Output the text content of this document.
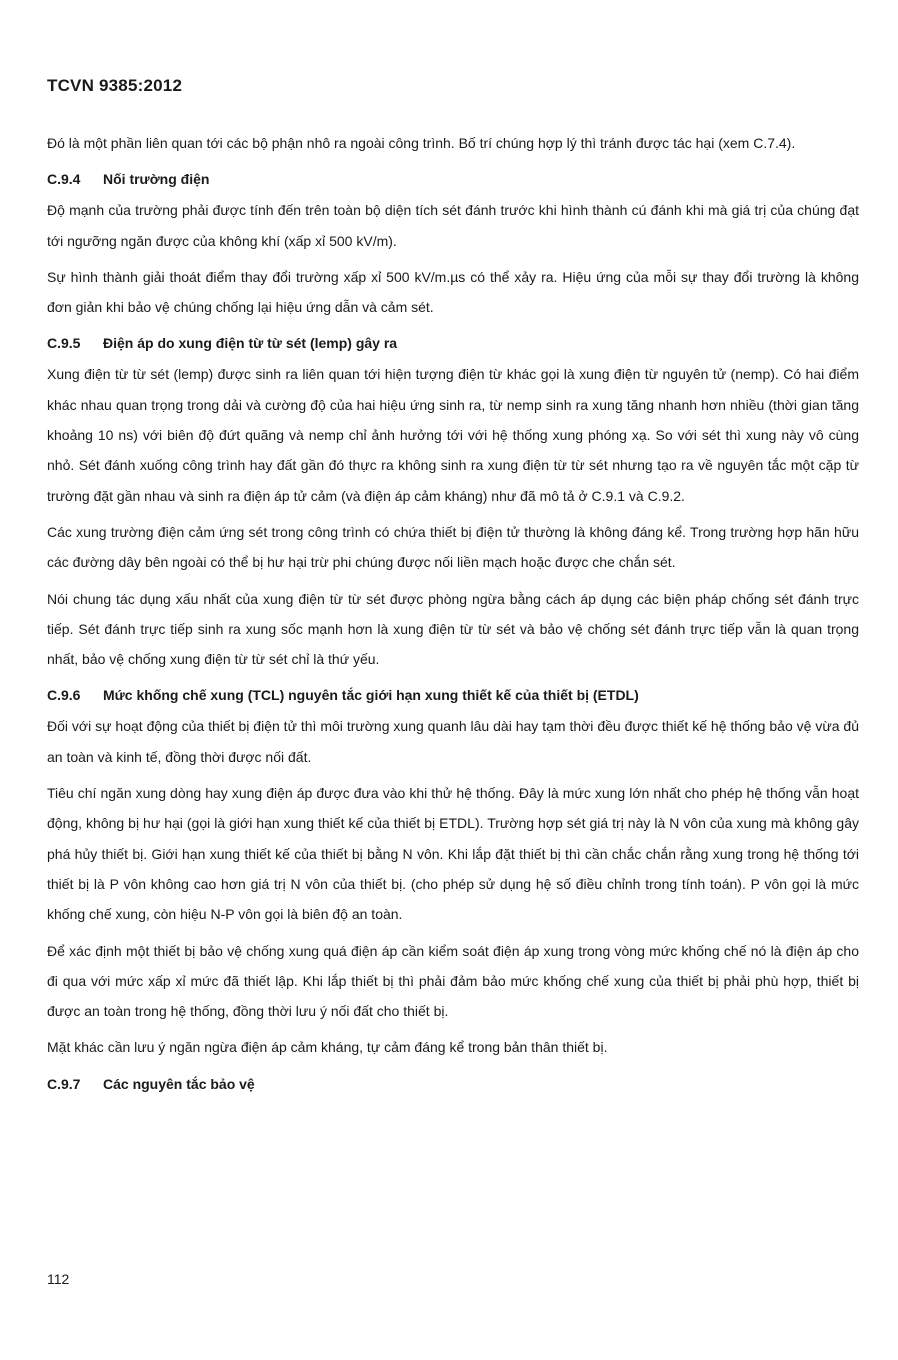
TCVN 9385:2012

Đó là một phần liên quan tới các bộ phận nhô ra ngoài công trình. Bố trí chúng hợp lý thì tránh được tác hại (xem C.7.4).

C.9.4 Nối trường điện

Độ mạnh của trường phải được tính đến trên toàn bộ diện tích sét đánh trước khi hình thành cú đánh khi mà giá trị của chúng đạt tới ngưỡng ngăn được của không khí (xấp xỉ 500 kV/m).

Sự hình thành giải thoát điểm thay đổi trường xấp xỉ 500 kV/m.µs có thể xảy ra. Hiệu ứng của mỗi sự thay đổi trường là không đơn giản khi bảo vệ chúng chống lại hiệu ứng dẫn và cảm sét.

C.9.5 Điện áp do xung điện từ từ sét (lemp) gây ra

Xung điện từ từ sét (lemp) được sinh ra liên quan tới hiện tượng điện từ khác gọi là xung điện từ nguyên tử (nemp). Có hai điểm khác nhau quan trọng trong dải và cường độ của hai hiệu ứng sinh ra, từ nemp sinh ra xung tăng nhanh hơn nhiều (thời gian tăng khoảng 10 ns) với biên độ đứt quãng và nemp chỉ ảnh hưởng tới với hệ thống xung phóng xạ. So với sét thì xung này vô cùng nhỏ. Sét đánh xuống công trình hay đất gần đó thực ra không sinh ra xung điện từ từ sét nhưng tạo ra về nguyên tắc một cặp từ trường đặt gần nhau và sinh ra điện áp tử cảm (và điện áp cảm kháng) như đã mô tả ở C.9.1 và C.9.2.

Các xung trường điện cảm ứng sét trong công trình có chứa thiết bị điện tử thường là không đáng kể. Trong trường hợp hãn hữu các đường dây bên ngoài có thể bị hư hại trừ phi chúng được nối liền mạch hoặc được che chắn sét.

Nói chung tác dụng xấu nhất của xung điện từ từ sét được phòng ngừa bằng cách áp dụng các biện pháp chống sét đánh trực tiếp. Sét đánh trực tiếp sinh ra xung sốc mạnh hơn là xung điện từ từ sét và bảo vệ chống sét đánh trực tiếp vẫn là quan trọng nhất, bảo vệ chống xung điện từ từ sét chỉ là thứ yếu.

C.9.6 Mức khống chế xung (TCL) nguyên tắc giới hạn xung thiết kế của thiết bị (ETDL)

Đối với sự hoạt động của thiết bị điện tử thì môi trường xung quanh lâu dài hay tạm thời đều được thiết kế hệ thống bảo vệ vừa đủ an toàn và kinh tế, đồng thời được nối đất.

Tiêu chí ngăn xung dòng hay xung điện áp được đưa vào khi thử hệ thống. Đây là mức xung lớn nhất cho phép hệ thống vẫn hoạt động, không bị hư hại (gọi là giới hạn xung thiết kế của thiết bị ETDL). Trường hợp sét giá trị này là N vôn của xung mà không gây phá hủy thiết bị. Giới hạn xung thiết kế của thiết bị bằng N vôn. Khi lắp đặt thiết bị thì cần chắc chắn rằng xung trong hệ thống tới thiết bị là P vôn không cao hơn giá trị N vôn của thiết bị. (cho phép sử dụng hệ số điều chỉnh trong tính toán). P vôn gọi là mức khống chế xung, còn hiệu N-P vôn gọi là biên độ an toàn.

Để xác định một thiết bị bảo vệ chống xung quá điện áp cần kiểm soát điện áp xung trong vòng mức khống chế nó là điện áp cho đi qua với mức xấp xỉ mức đã thiết lập. Khi lắp thiết bị thì phải đảm bảo mức khống chế xung của thiết bị phải phù hợp, thiết bị được an toàn trong hệ thống, đồng thời lưu ý nối đất cho thiết bị.

Mặt khác cần lưu ý ngăn ngừa điện áp cảm kháng, tự cảm đáng kể trong bản thân thiết bị.

C.9.7 Các nguyên tắc bảo vệ
112
